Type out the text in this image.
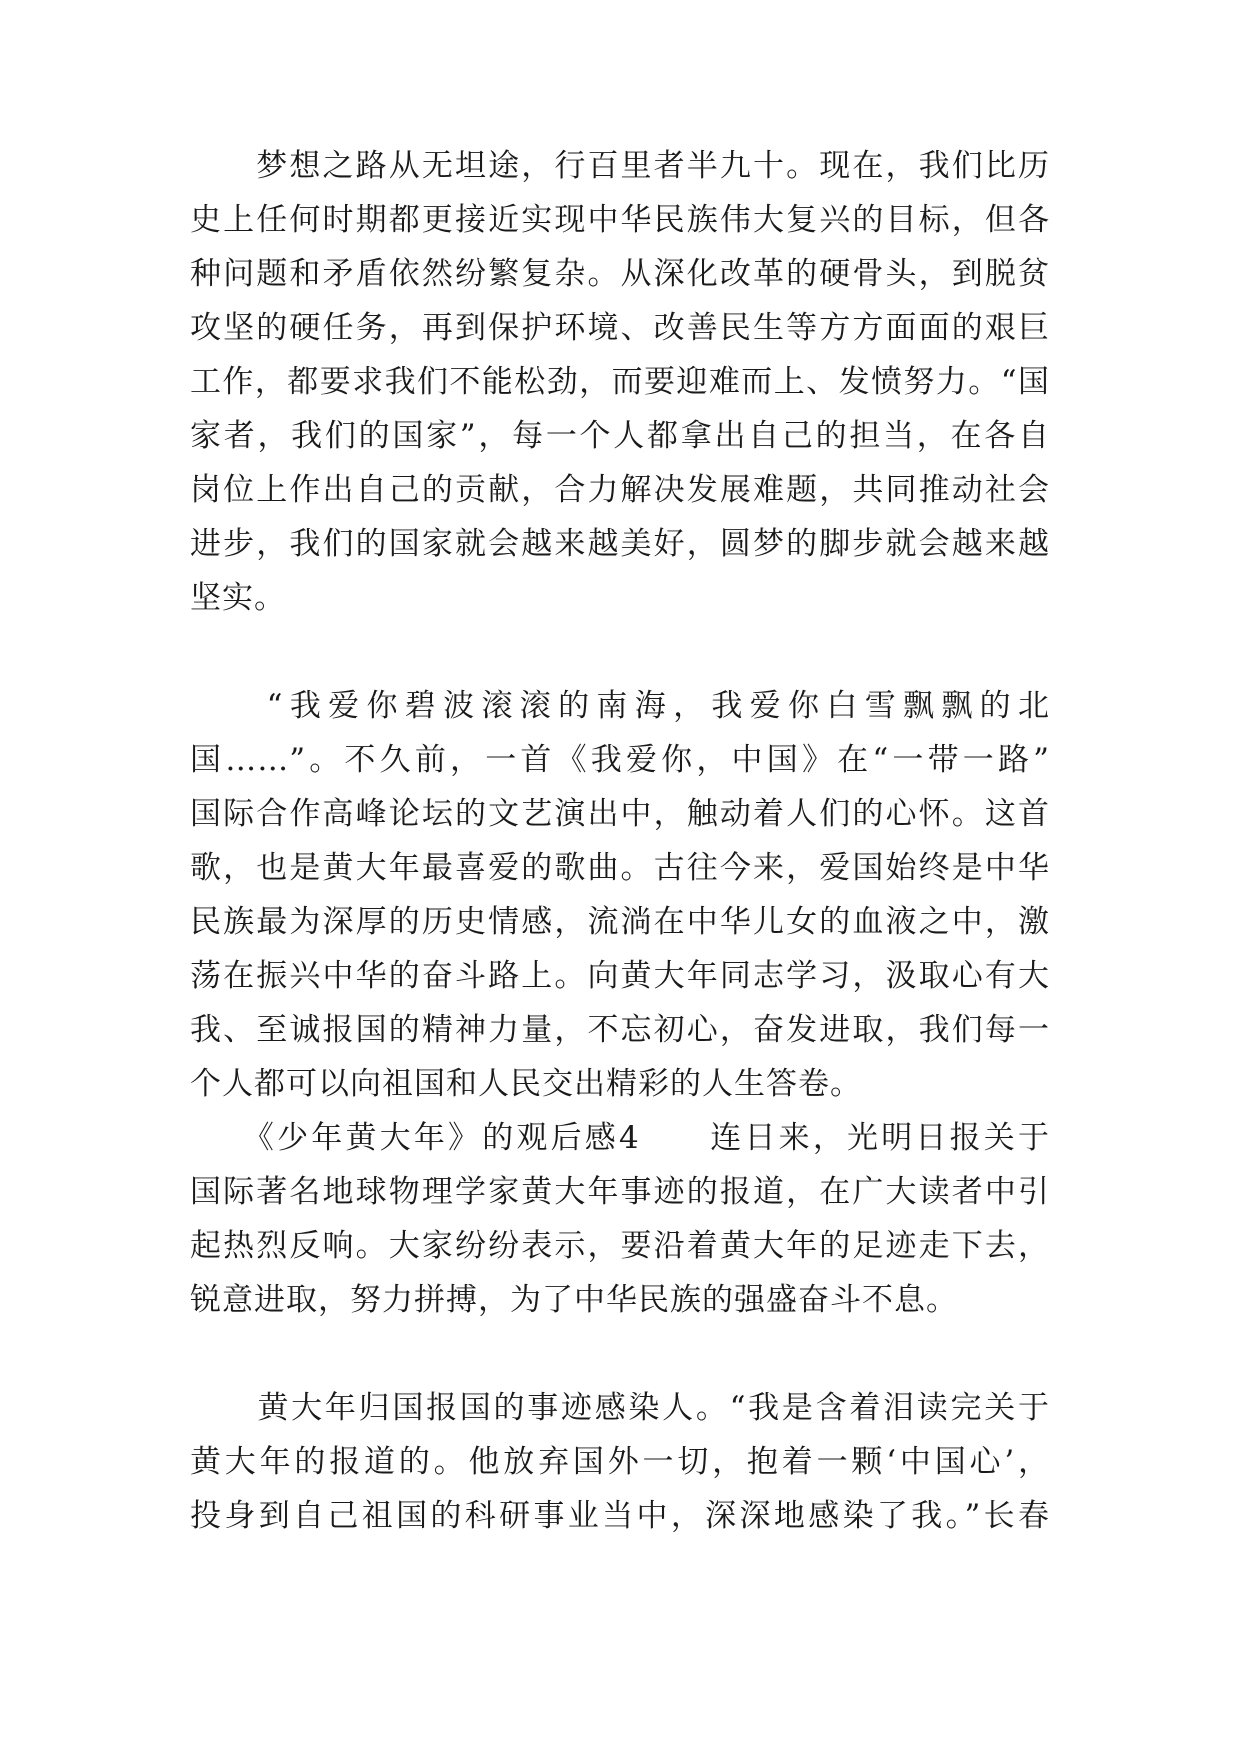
　　梦想之路从无坦途，行百里者半九十。现在，我们比历
史上任何时期都更接近实现中华民族伟大复兴的目标，但各
种问题和矛盾依然纷繁复杂。从深化改革的硬骨头，到脱贫
攻坚的硬任务，再到保护环境、改善民生等方方面面的艰巨
工作，都要求我们不能松劲，而要迎难而上、发愤努力。“国
家者，我们的国家”，每一个人都拿出自己的担当，在各自
岗位上作出自己的贡献，合力解决发展难题，共同推动社会
进步，我们的国家就会越来越美好，圆梦的脚步就会越来越
坚实。
　　“我爱你碧波滚滚的南海，我爱你白雪飘飘的北
国……”。不久前，一首《我爱你，中国》在“一带一路”
国际合作高峰论坛的文艺演出中，触动着人们的心怀。这首
歌，也是黄大年最喜爱的歌曲。古往今来，爱国始终是中华
民族最为深厚的历史情感，流淌在中华儿女的血液之中，激
荡在振兴中华的奋斗路上。向黄大年同志学习，汲取心有大
我、至诚报国的精神力量，不忘初心，奋发进取，我们每一
个人都可以向祖国和人民交出精彩的人生答卷。
　　《少年黄大年》的观后感4　　连日来，光明日报关于
国际著名地球物理学家黄大年事迹的报道，在广大读者中引
起热烈反响。大家纷纷表示，要沿着黄大年的足迹走下去，
锐意进取，努力拼搏，为了中华民族的强盛奋斗不息。
　　黄大年归国报国的事迹感染人。“我是含着泪读完关于
黄大年的报道的。他放弃国外一切，抱着一颗‘中国心’，
投身到自己祖国的科研事业当中，深深地感染了我。”长春
